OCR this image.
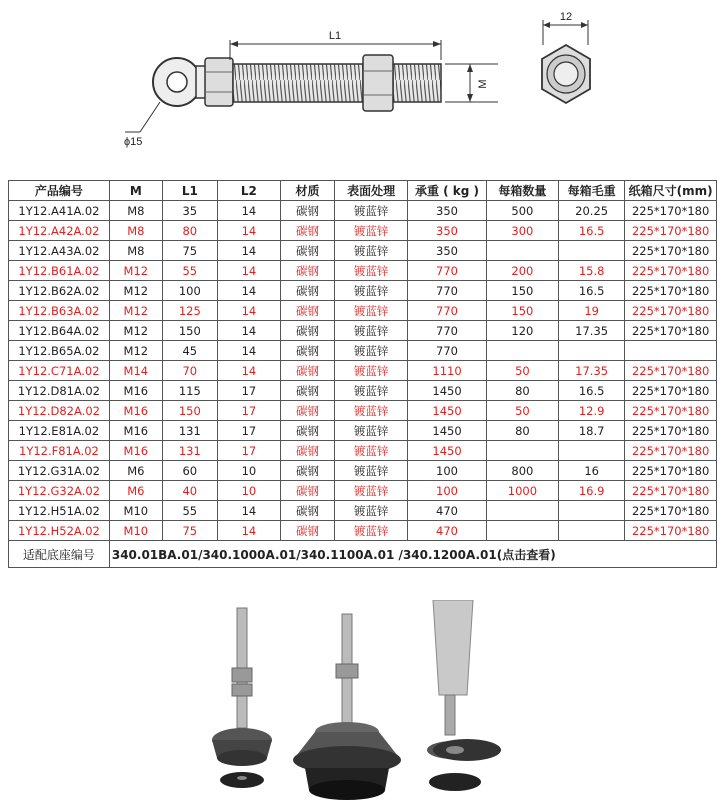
L1
M
ϕ15
12
产品编号	M	L1	L2	材质	表面处理	承重 ( kg )	每箱数量	每箱毛重	纸箱尺寸(mm)
1Y12.A41A.02	M8	35	14	碳钢	镀蓝锌	350	500	20.25	225*170*180
1Y12.A42A.02	M8	80	14	碳钢	镀蓝锌	350	300	16.5	225*170*180
1Y12.A43A.02	M8	75	14	碳钢	镀蓝锌	350			225*170*180
1Y12.B61A.02	M12	55	14	碳钢	镀蓝锌	770	200	15.8	225*170*180
1Y12.B62A.02	M12	100	14	碳钢	镀蓝锌	770	150	16.5	225*170*180
1Y12.B63A.02	M12	125	14	碳钢	镀蓝锌	770	150	19	225*170*180
1Y12.B64A.02	M12	150	14	碳钢	镀蓝锌	770	120	17.35	225*170*180
1Y12.B65A.02	M12	45	14	碳钢	镀蓝锌	770			
1Y12.C71A.02	M14	70	14	碳钢	镀蓝锌	1110	50	17.35	225*170*180
1Y12.D81A.02	M16	115	17	碳钢	镀蓝锌	1450	80	16.5	225*170*180
1Y12.D82A.02	M16	150	17	碳钢	镀蓝锌	1450	50	12.9	225*170*180
1Y12.E81A.02	M16	131	17	碳钢	镀蓝锌	1450	80	18.7	225*170*180
1Y12.F81A.02	M16	131	17	碳钢	镀蓝锌	1450			225*170*180
1Y12.G31A.02	M6	60	10	碳钢	镀蓝锌	100	800	16	225*170*180
1Y12.G32A.02	M6	40	10	碳钢	镀蓝锌	100	1000	16.9	225*170*180
1Y12.H51A.02	M10	55	14	碳钢	镀蓝锌	470			225*170*180
1Y12.H52A.02	M10	75	14	碳钢	镀蓝锌	470			225*170*180
适配底座编号	340.01BA.01/340.1000A.01/340.1100A.01 /340.1200A.01(点击查看)								
